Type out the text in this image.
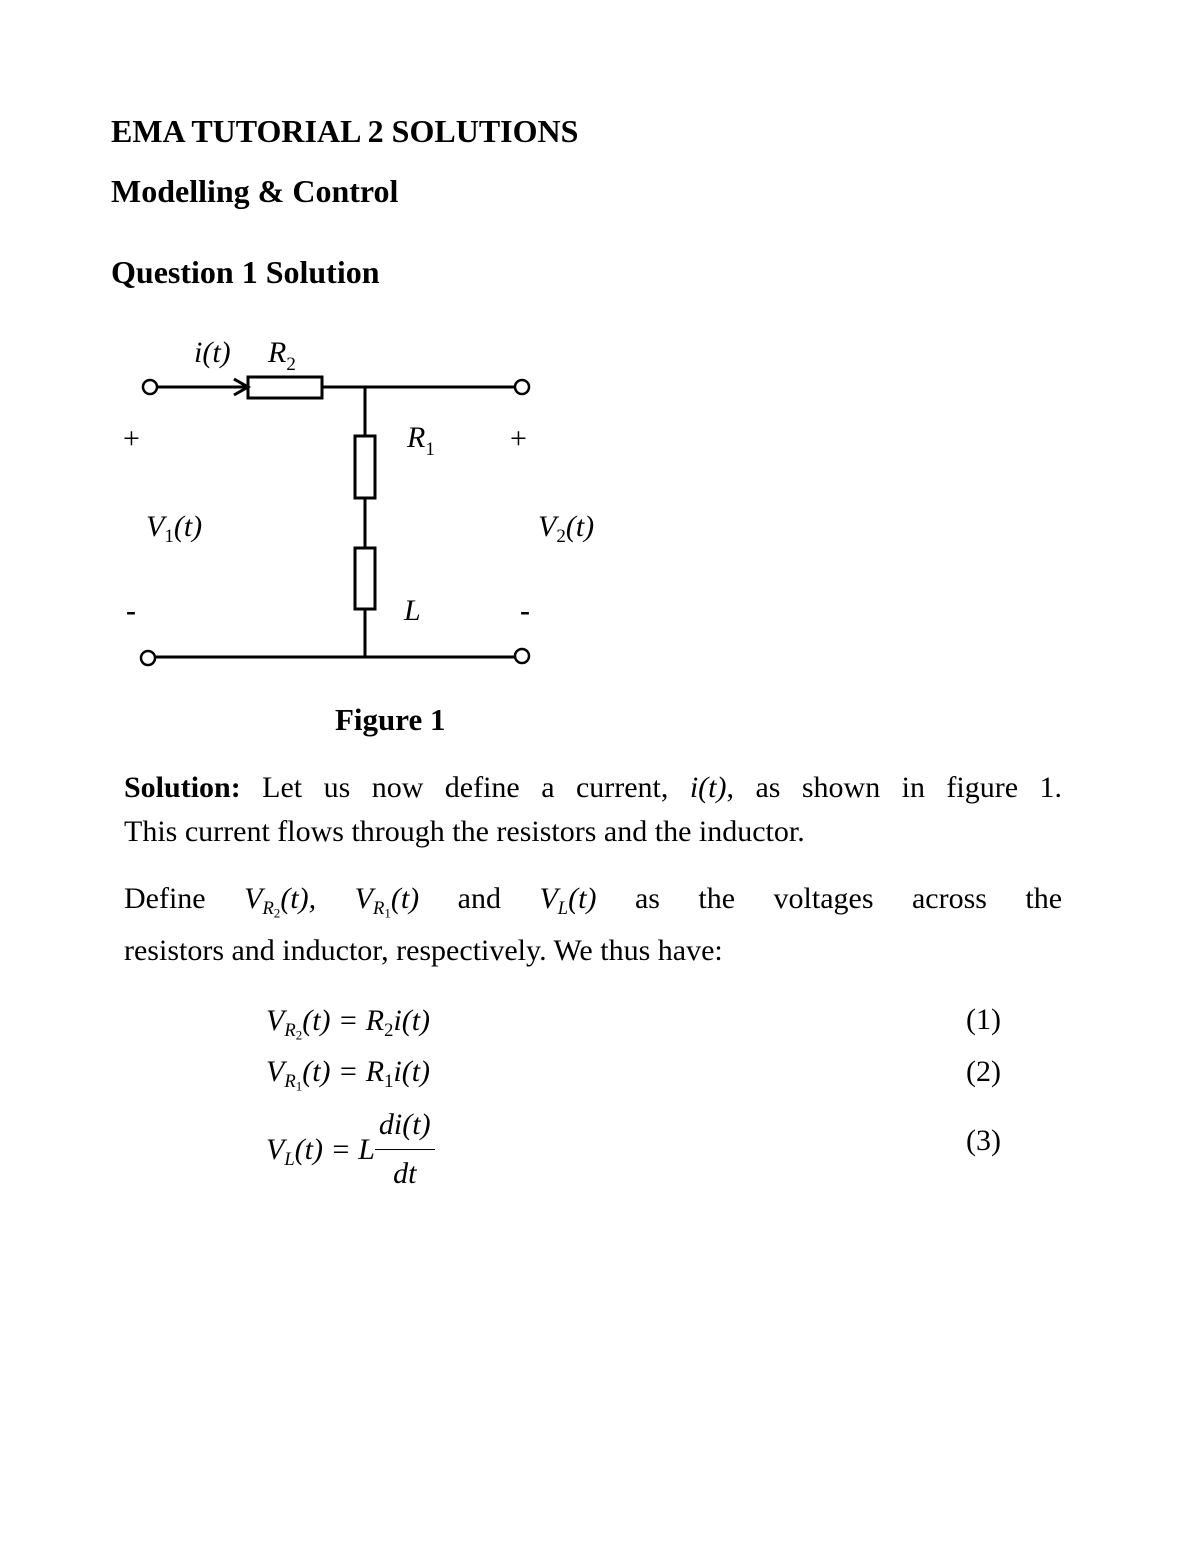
EMA TUTORIAL 2 SOLUTIONS
Modelling & Control
Question 1 Solution
i(t) $R_2$
$R_1$
L
+	+
-	-
$V_1(t)$	$V_2(t)$
Figure 1
Solution: Let us now define a current, i(t), as shown in figure 1.
This current flows through the resistors and the inductor.
Define $V_{R2}(t)$, $V_{R1}(t)$ and $V_L(t)$ as the voltages across the
resistors and inductor, respectively. We thus have:
$V_{R2}(t) = R_2i(t)$	(1)
$V_{R1}(t) = R_1i(t)$	(2)
$V_L(t) = L \frac{di(t)}{dt}$	(3)
